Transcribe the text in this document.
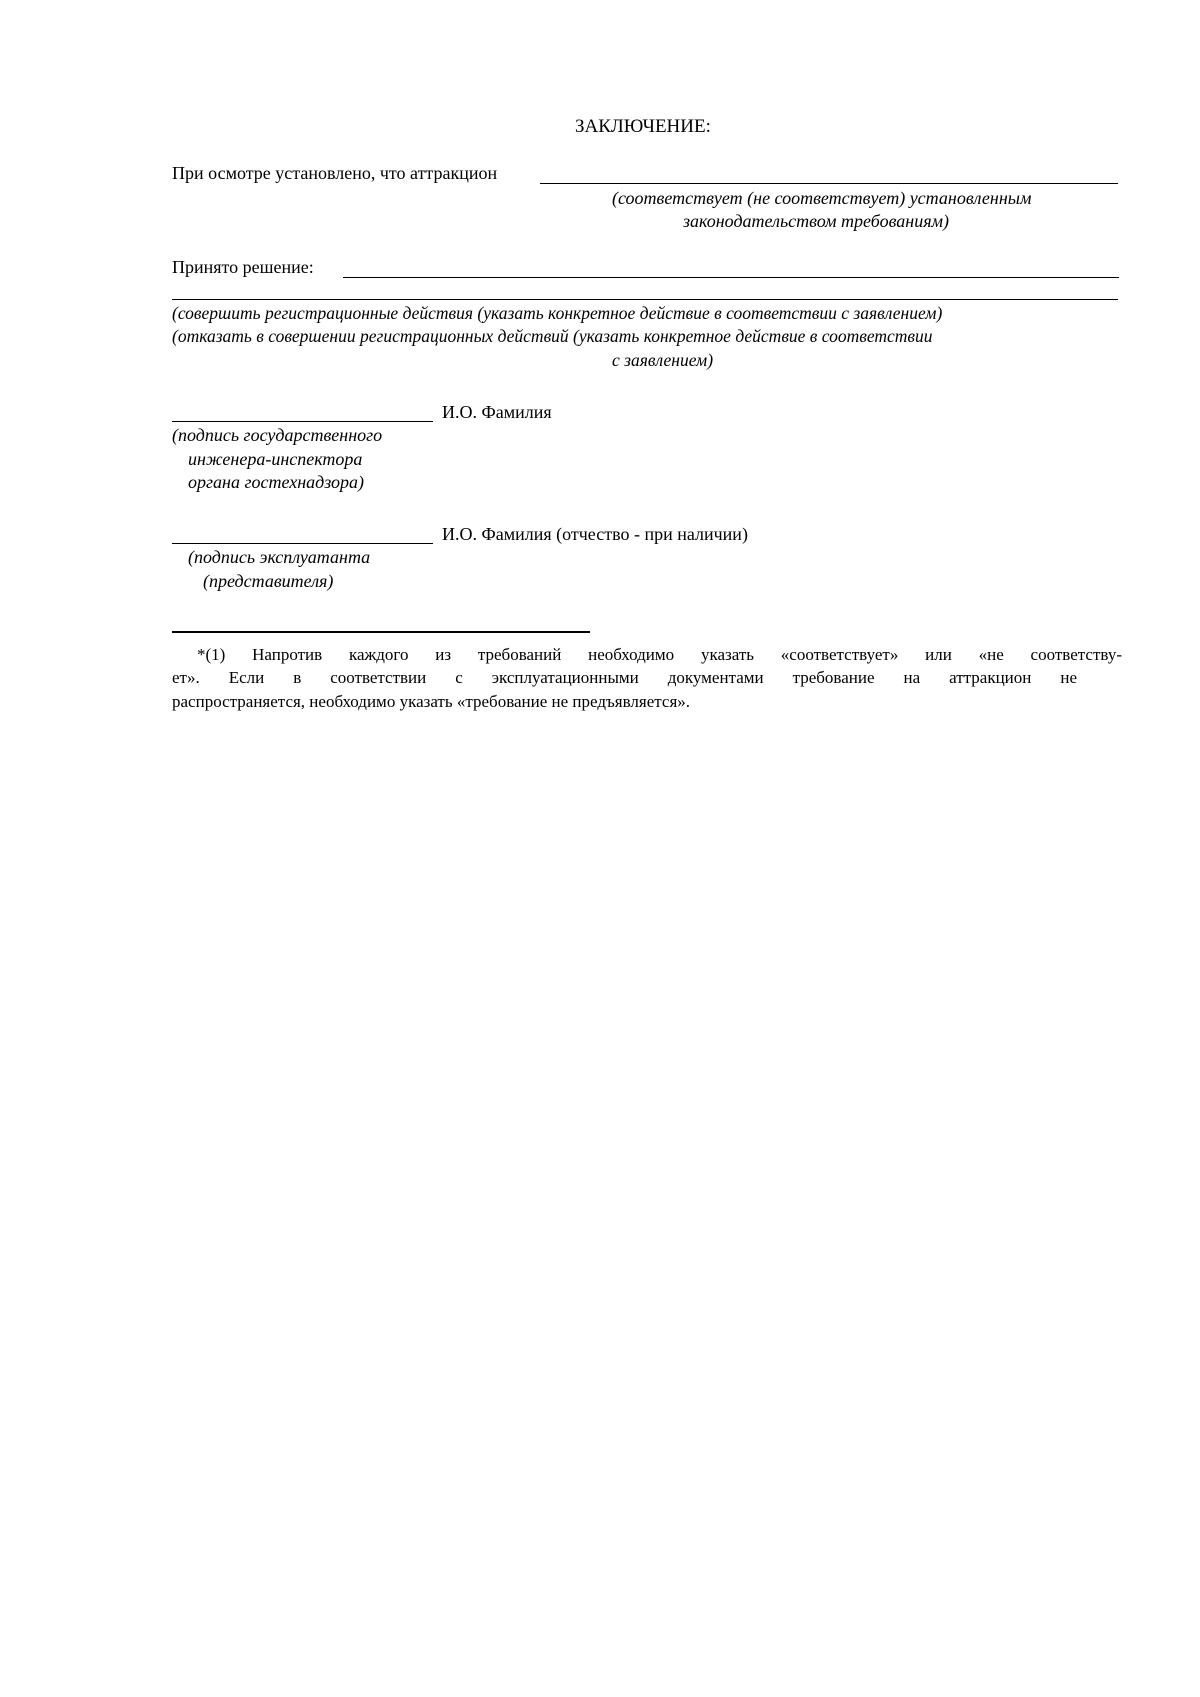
ЗАКЛЮЧЕНИЕ:
При осмотре установлено, что аттракцион
(соответствует (не соответствует) установленным
законодательством требованиям)
Принято решение:
(совершить регистрационные действия (указать конкретное действие в соответствии с заявлением)
(отказать в совершении регистрационных действий (указать конкретное действие в соответствии
с заявлением)
И.О. Фамилия
(подпись государственного
инженера-инспектора
органа гостехнадзора)
И.О. Фамилия (отчество - при наличии)
(подпись эксплуатанта
(представителя)
*(1) Напротив каждого из требований необходимо указать «соответствует» или «не соответству-
ет». Если в соответствии с эксплуатационными документами требование на аттракцион не
распространяется, необходимо указать «требование не предъявляется».
